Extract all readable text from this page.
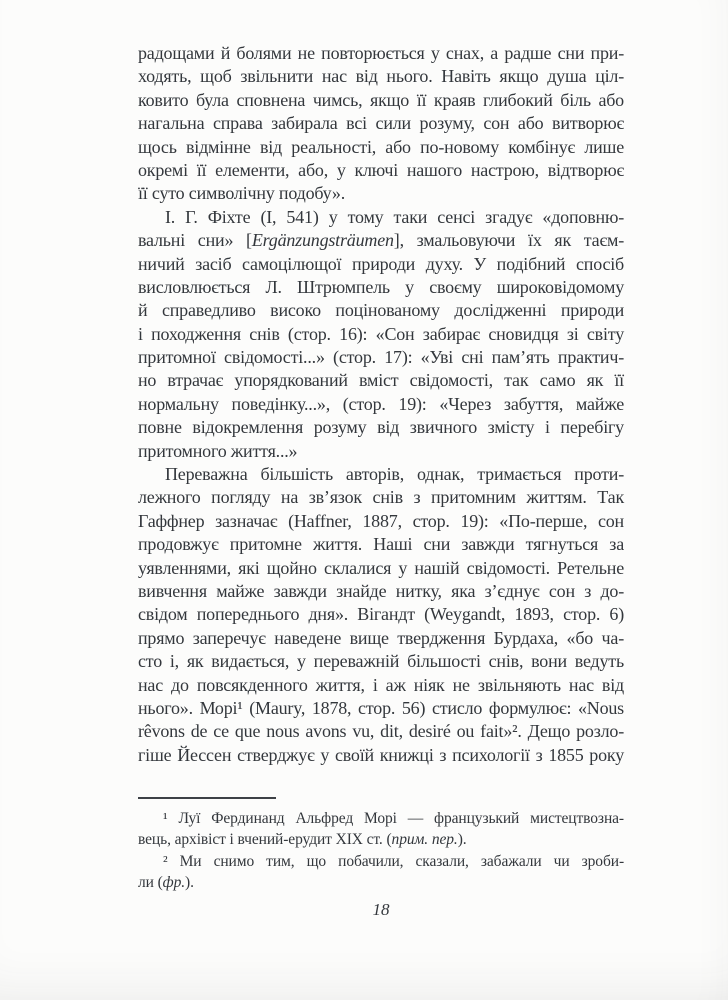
радощами й болями не повторюється у снах, а радше сни при-
ходять, щоб звільнити нас від нього. Навіть якщо душа ціл-
ковито була сповнена чимсь, якщо її краяв глибокий біль або
нагальна справа забирала всі сили розуму, сон або витворює
щось відмінне від реальності, або по-новому комбінує лише
окремі її елементи, або, у ключі нашого настрою, відтворює
її суто символічну подобу».
І. Г. Фіхте (І, 541) у тому таки сенсі згадує «доповню-
вальні сни» [Ergänzungsträumen], змальовуючи їх як таєм-
ничий засіб самоцілющої природи духу. У подібний спосіб
висловлюється Л. Штрюмпель у своєму широковідомому
й справедливо високо поцінованому дослідженні природи
і походження снів (стор. 16): «Сон забирає сновидця зі світу
притомної свідомості...» (стор. 17): «Уві сні пам’ять практич-
но втрачає упорядкований вміст свідомості, так само як її
нормальну поведінку...», (стор. 19): «Через забуття, майже
повне відокремлення розуму від звичного змісту і перебігу
притомного життя...»
Переважна більшість авторів, однак, тримається проти-
лежного погляду на зв’язок снів з притомним життям. Так
Гаффнер зазначає (Haffner, 1887, стор. 19): «По-перше, сон
продовжує притомне життя. Наші сни завжди тягнуться за
уявленнями, які щойно склалися у нашій свідомості. Ретельне
вивчення майже завжди знайде нитку, яка з’єднує сон з до-
свідом попереднього дня». Вігандт (Weygandt, 1893, стор. 6)
прямо заперечує наведене вище твердження Бурдаха, «бо ча-
сто і, як видається, у переважній більшості снів, вони ведуть
нас до повсякденного життя, і аж ніяк не звільняють нас від
нього». Морі¹ (Maury, 1878, стор. 56) стисло формулює: «Nous
rêvons de ce que nous avons vu, dit, desiré ou fait»². Дещо розло-
гіше Йессен стверджує у своїй книжці з психології з 1855 року
¹ Луї Фердинанд Альфред Морі — французький мистецтвозна-
вець, архівіст і вчений-ерудит XIX ст. (прим. пер.).
² Ми снимо тим, що побачили, сказали, забажали чи зроби-
ли (фр.).
18
